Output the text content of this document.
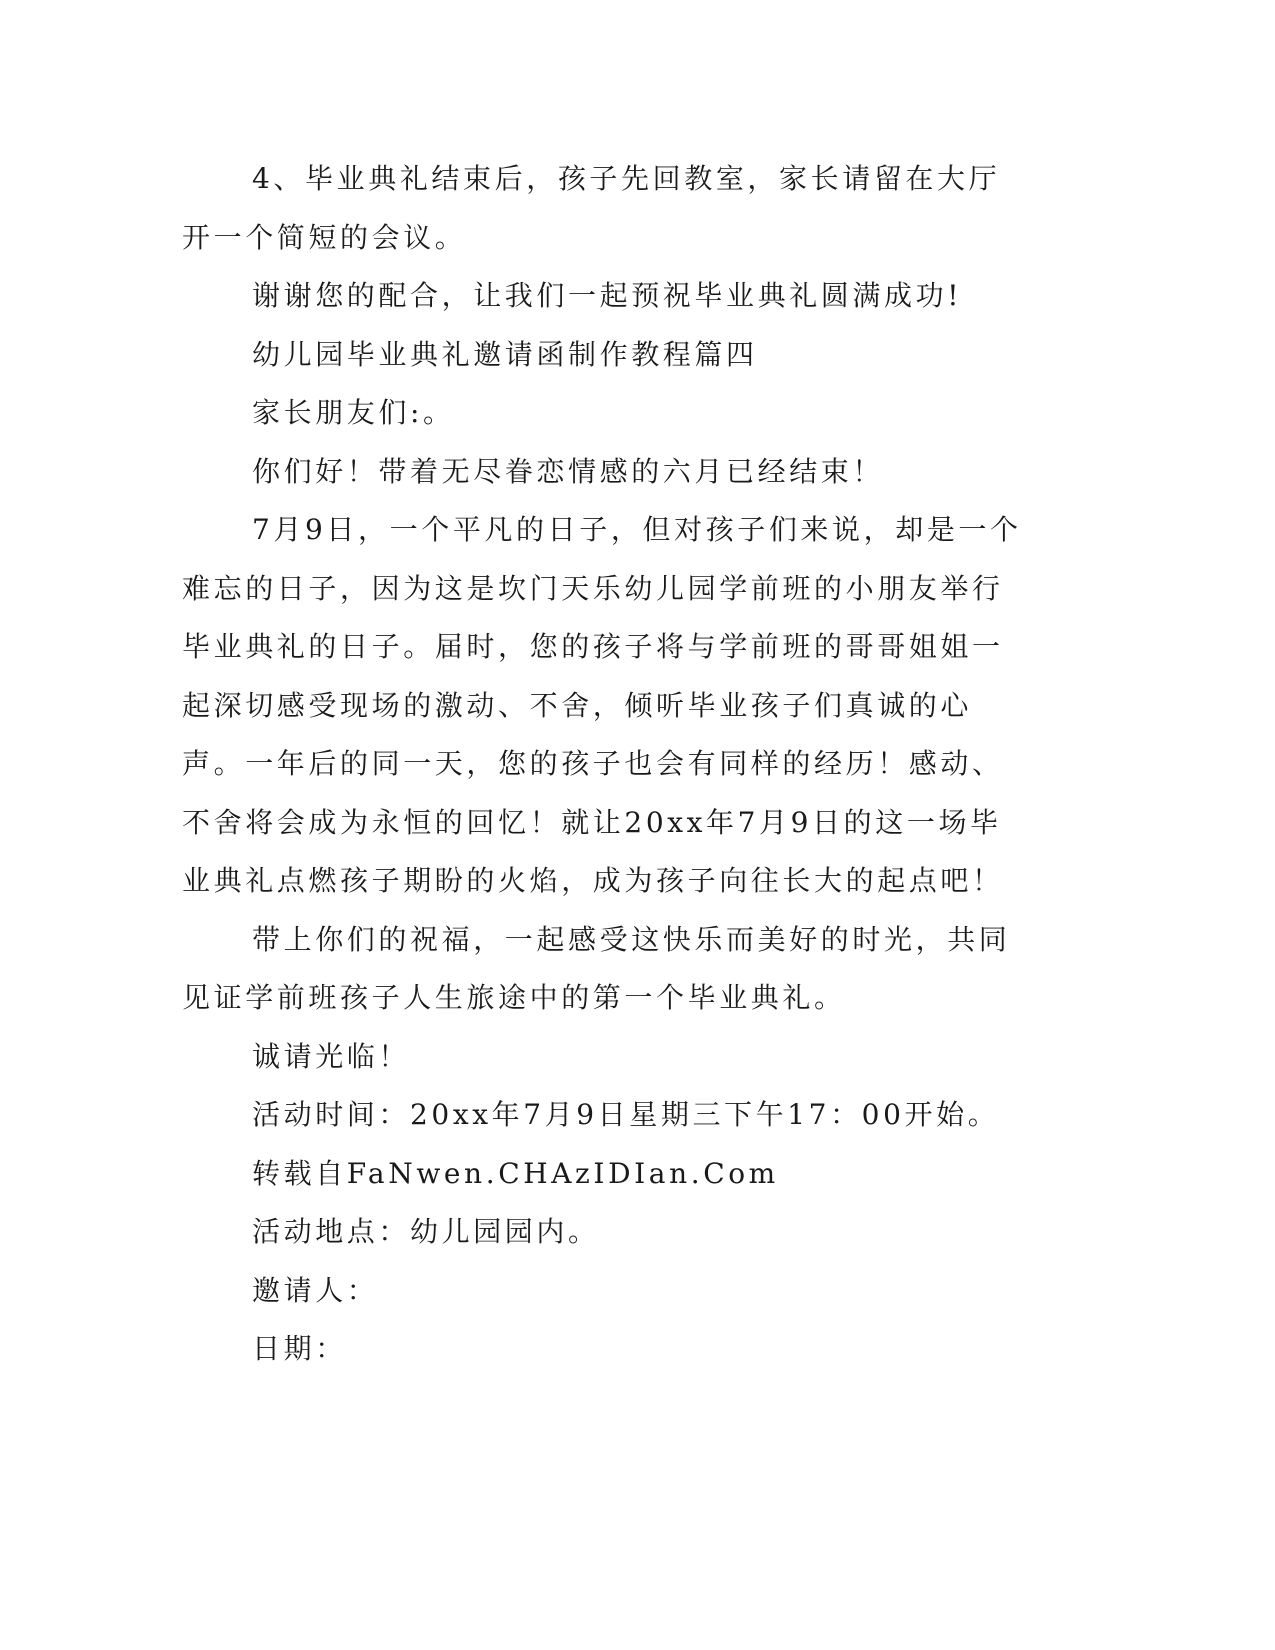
4、毕业典礼结束后，孩子先回教室，家长请留在大厅开一个简短的会议。

谢谢您的配合，让我们一起预祝毕业典礼圆满成功!

幼儿园毕业典礼邀请函制作教程篇四

家长朋友们:。

你们好！带着无尽眷恋情感的六月已经结束！

7月9日，一个平凡的日子，但对孩子们来说，却是一个难忘的日子，因为这是坎门天乐幼儿园学前班的小朋友举行毕业典礼的日子。届时，您的孩子将与学前班的哥哥姐姐一起深切感受现场的激动、不舍，倾听毕业孩子们真诚的心声。一年后的同一天，您的孩子也会有同样的经历！感动、不舍将会成为永恒的回忆！就让20xx年7月9日的这一场毕业典礼点燃孩子期盼的火焰，成为孩子向往长大的起点吧！

带上你们的祝福，一起感受这快乐而美好的时光，共同见证学前班孩子人生旅途中的第一个毕业典礼。

诚请光临！

活动时间：20xx年7月9日星期三下午17：00开始。

转载自FaNwen.CHAzIDIan.Com

活动地点：幼儿园园内。

邀请人：

日期：
